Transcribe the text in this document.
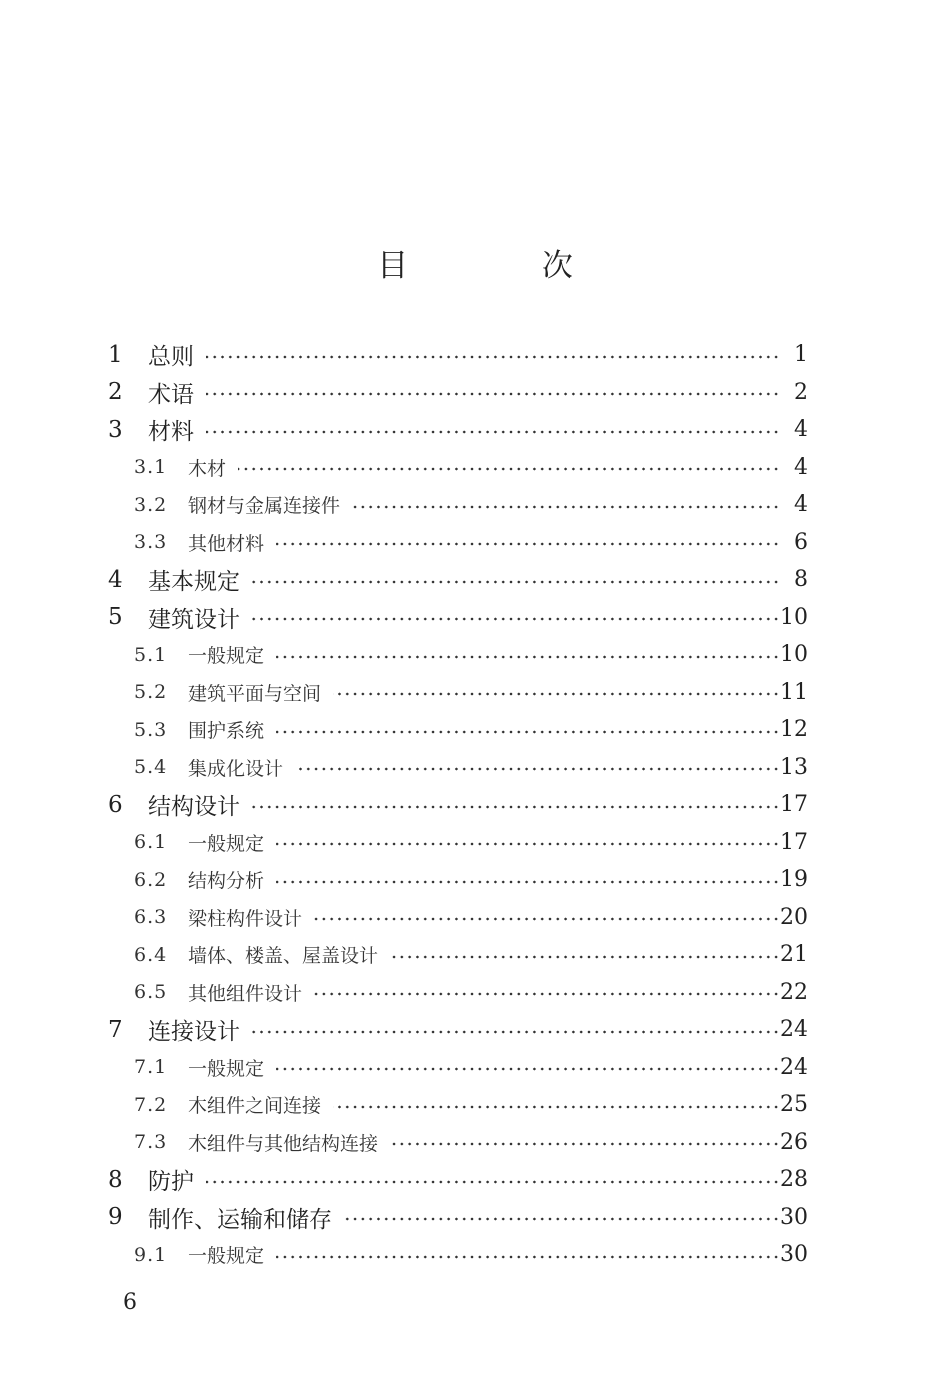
目 次
1 总则	1
2 术语	2
3 材料	4
3.1 木材	4
3.2 钢材与金属连接件	4
3.3 其他材料	6
4 基本规定	8
5 建筑设计	10
5.1 一般规定	10
5.2 建筑平面与空间	11
5.3 围护系统	12
5.4 集成化设计	13
6 结构设计	17
6.1 一般规定	17
6.2 结构分析	19
6.3 梁柱构件设计	20
6.4 墙体、楼盖、屋盖设计	21
6.5 其他组件设计	22
7 连接设计	24
7.1 一般规定	24
7.2 木组件之间连接	25
7.3 木组件与其他结构连接	26
8 防护	28
9 制作、运输和储存	30
9.1 一般规定	30
6
